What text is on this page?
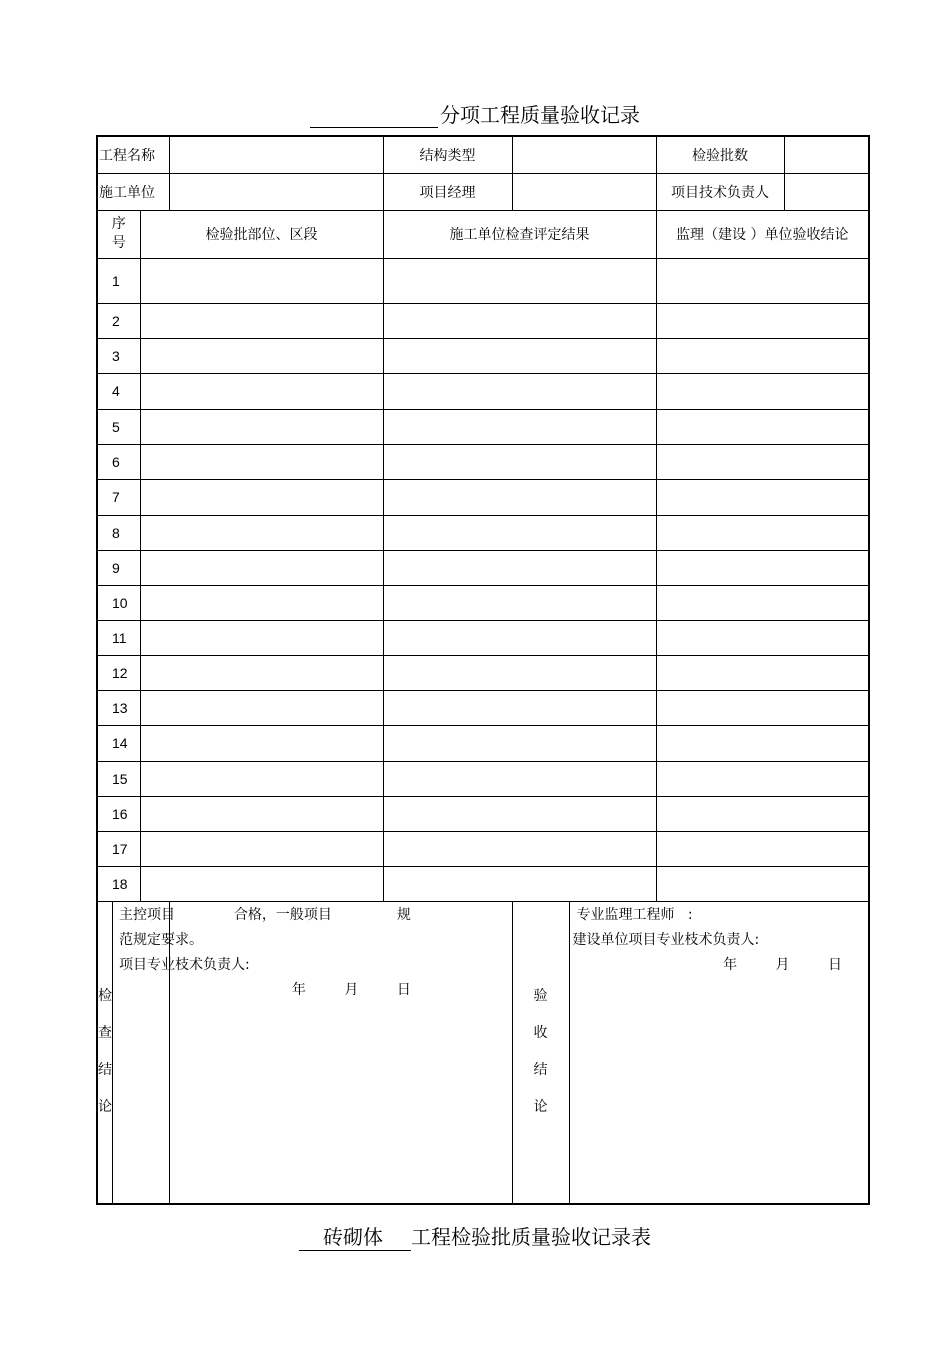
分项工程质量验收记录
工程名称		结构类型		检验批数	
施工单位		项目经理		项目技术负责人	

序
号	检验批部位、区段	施工单位检查评定结果	监理（建设 ）单位验收结论
1			
2			
3			
4			
5			
6			
7			
8			
9			
10			
11			
12			
13			
14			
15			
16			
17			
18			

检
查
结
论

主控项目	合格，一般项目	规
范规定要求。
项目专业枝术负责人:
年	月	日

		验
收
结
论

专业监理工程师   :
建设单位项目专业枝术负责人:
年	月	日
砖砌体 工程检验批质量验收记录表
